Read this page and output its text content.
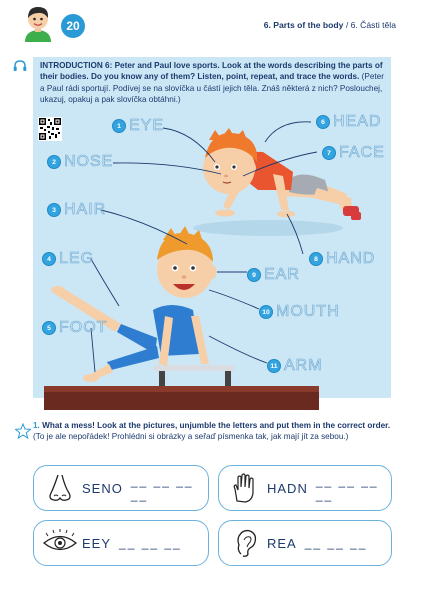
20	6. Parts of the body / 6. Části těla
INTRODUCTION 6: Peter and Paul love sports. Look at the words describing the parts of their bodies. Do you know any of them? Listen, point, repeat, and trace the words. (Peter a Paul rádi sportují. Podívej se na slovíčka u částí jejich těla. Znáš některá z nich? Poslouchej, ukazuj, opakuj a pak slovíčka obtáhni.)
1 EYE
2 NOSE
3 HAIR
4 LEG
5 FOOT
6 HEAD
7 FACE
8 HAND
9 EAR
10 MOUTH
11 ARM
1. What a mess! Look at the pictures, unjumble the letters and put them in the correct order. (To je ale nepořádek! Prohlédni si obrázky a seřaď písmenka tak, jak mají jít za sebou.)
SENO __ __ __ __	HADN __ __ __ __
EEY __ __ __	REA __ __ __
